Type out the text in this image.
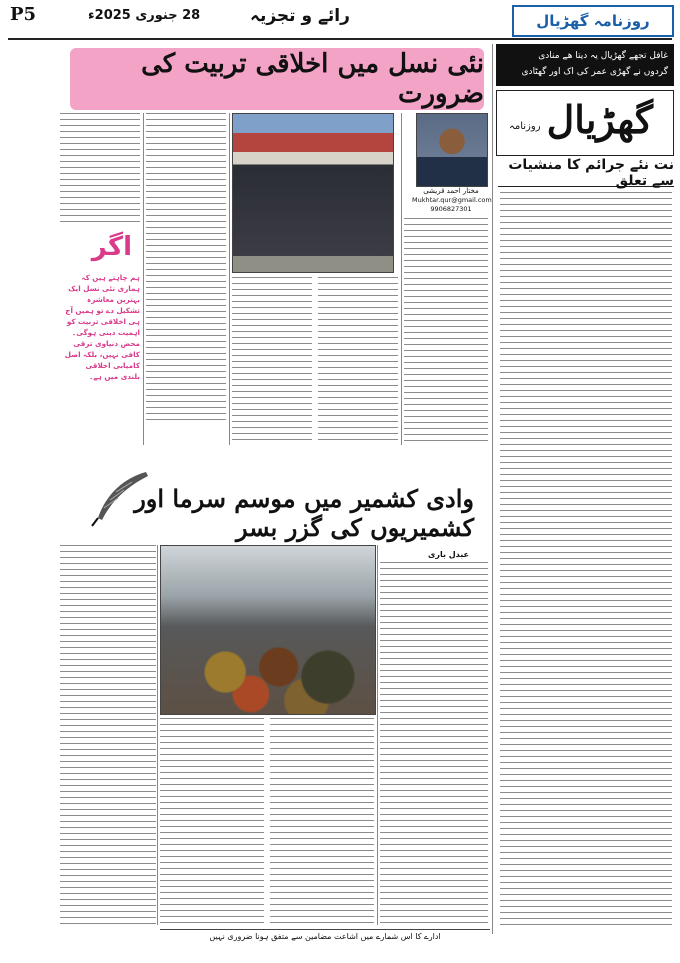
P5	28 جنوری 2025ء	رائے و تجزیہ	روزنامہ گھڑیال
غافل تجھے گھڑیال یہ دیتا ھے منادی
گردوں نے گھڑی عمر کی اک اور گھٹادی
گھڑیال
روزنامہ
نئی نسل میں اخلاقی تربیت کی ضرورت
مختار احمد قریشی
Mukhtar.qur@gmail.com
9906827301
اگر
ہم چاہتے ہیں کہ ہماری نئی نسل ایک بہترین معاشرہ تشکیل دے تو ہمیں آج ہی اخلاقی تربیت کو اہمیت دینی ہوگی۔ محض دنیاوی ترقی کافی نہیں، بلکہ اصل کامیابی اخلاقی بلندی میں ہے۔
نت نئے جرائم کا منشیات سے تعلق
وادی کشمیر میں موسم سرما اور کشمیریوں کی گزر بسر
عبدل باری
ادارے کا اس شمارے میں اشاعت مضامین سے متفق ہونا ضروری نہیں
